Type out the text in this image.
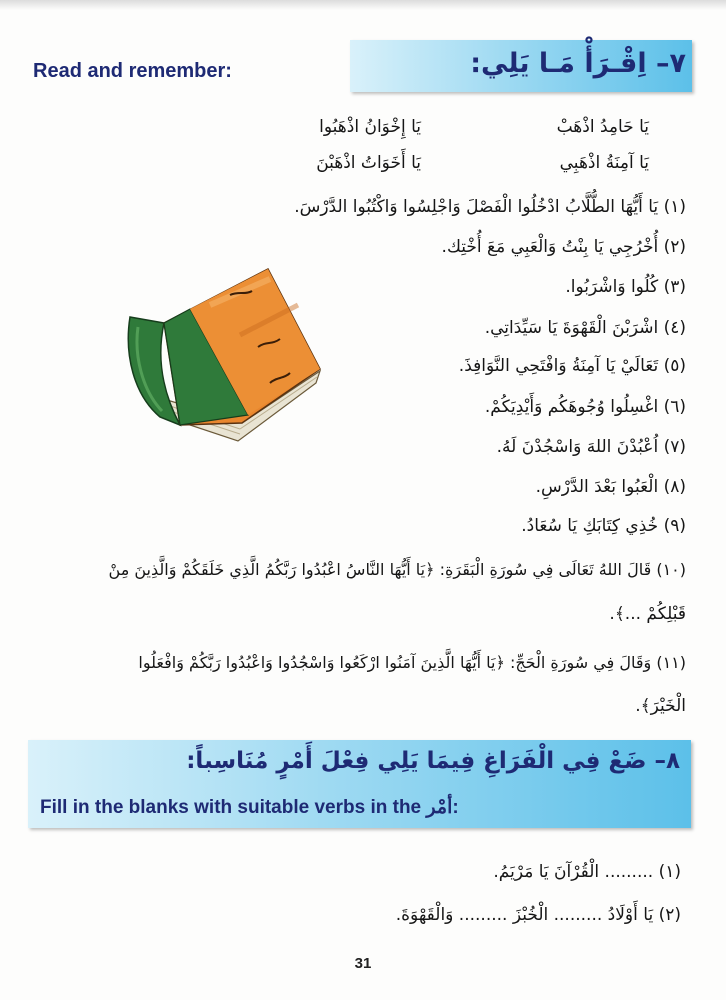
٧– اِقْـرَأْ مَـا يَلِي:
Read and remember:
يَا حَامِدُ اذْهَبْ
يَا إِخْوَانُ اذْهَبُوا
يَا آمِنَةُ اذْهَبِي
يَا أَخَوَاتُ اذْهَبْنَ
(١) يَا أَيُّهَا الطُّلَّابُ ادْخُلُوا الْفَصْلَ وَاجْلِسُوا وَاكْتُبُوا الدَّرْسَ.
(٢) أُخْرُجِي يَا بِنْتُ وَالْعَبِي مَعَ أُخْتِك.
(٣) كُلُوا وَاشْرَبُوا.
(٤) اشْرَبْنَ الْقَهْوَةَ يَا سَيِّدَاتِي.
(٥) تَعَالَيْ يَا آمِنَةُ وَافْتَحِي النَّوَافِذَ.
(٦) اغْسِلُوا وُجُوهَكُم وَأَيْدِيَكُمْ.
(٧) اُعْبُدْنَ اللهَ وَاسْجُدْنَ لَهُ.
(٨) الْعَبُوا بَعْدَ الدَّرْسِ.
(٩) خُذِي كِتَابَكِ يَا سُعَادُ.
(١٠) قَالَ اللهُ تَعَالَى فِي سُورَةِ الْبَقَرَةِ: ﴿يَا أَيُّهَا النَّاسُ اعْبُدُوا رَبَّكُمُ الَّذِي خَلَقَكُمْ وَالَّذِينَ مِنْ
قَبْلِكُمْ ...﴾.
(١١) وَقَالَ فِي سُورَةِ الْحَجِّ: ﴿يَا أَيُّهَا الَّذِينَ آمَنُوا ارْكَعُوا وَاسْجُدُوا وَاعْبُدُوا رَبَّكُمْ وَافْعَلُوا
الْخَيْرَ﴾.
٨– ضَعْ فِي الْفَرَاغِ فِيمَا يَلِي فِعْلَ أَمْرٍ مُنَاسِباً:
Fill in the blanks with suitable verbs in the أمْر:
(١) ......... الْقُرْآنَ يَا مَرْيَمُ.
(٢) يَا أَوْلَادُ ......... الْخُبْزَ ......... وَالْقَهْوَةَ.
31
